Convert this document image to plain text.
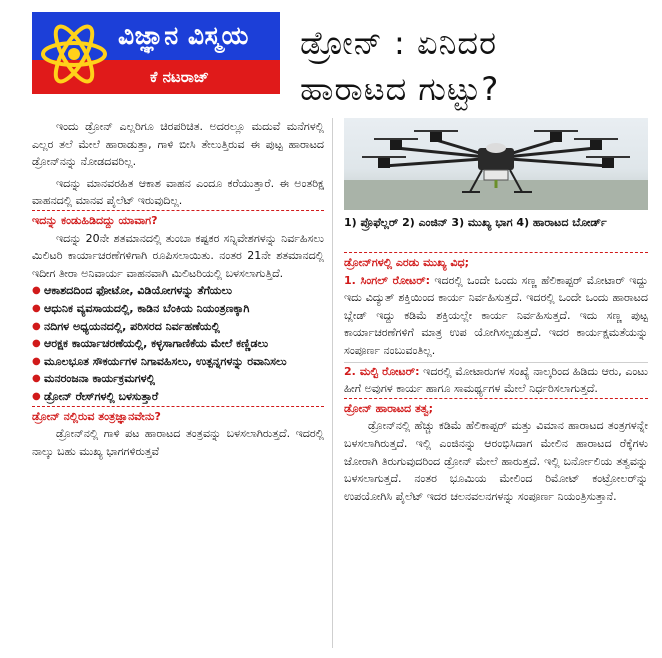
ವಿಜ್ಞಾನ ವಿಸ್ಮಯ
ಕೆ ನಟರಾಜ್
ಡ್ರೋನ್ : ಏನಿದರ
ಹಾರಾಟದ ಗುಟ್ಟು?

ಇಂದು ಡ್ರೋನ್ ಎಲ್ಲರಿಗೂ ಚಿರಪರಿಚಿತ. ಅದರಲ್ಲೂ ಮದುವೆ ಮನೆಗಳಲ್ಲಿ ಎಲ್ಲರ ತಲೆ ಮೇಲೆ ಹಾರಾಡುತ್ತಾ, ಗಾಳಿ ಬೀಸಿ ತೇಲುತ್ತಿರುವ ಈ ಪುಟ್ಟ ಹಾರಾಟದ ಡ್ರೋನ್‌ನನ್ನು ನೋಡದವರಿಲ್ಲ.

ಇದನ್ನು ಮಾನವರಹಿತ ಆಕಾಶ ವಾಹನ ಎಂದೂ ಕರೆಯುತ್ತಾರೆ. ಈ ಅಂತರಿಕ್ಷ ವಾಹನದಲ್ಲಿ ಮಾನವ ಪೈಲೆಟ್ ಇರುವುದಿಲ್ಲ.

ಇದನ್ನು ಕಂಡುಹಿಡಿದದ್ದು ಯಾವಾಗ?

ಇದನ್ನು 20ನೇ ಶತಮಾನದಲ್ಲಿ ತುಂಬಾ ಕಷ್ಟಕರ ಸನ್ನಿವೇಶಗಳನ್ನು ನಿರ್ವಹಿಸಲು ಮಿಲಿಟರಿ ಕಾರ್ಯಾಚರಣೆಗಳಿಗಾಗಿ ರೂಪಿಸಲಾಯಿತು. ನಂತರ 21ನೇ ಶತಮಾನದಲ್ಲಿ ಇದೀಗ ತೀರಾ ಅನಿವಾರ್ಯ ವಾಹನವಾಗಿ ಮಿಲಿಟರಿಯಲ್ಲಿ ಬಳಸಲಾಗುತ್ತಿದೆ.

● ಆಕಾಶದದಿಂದ ಫೋಟೋ, ವಿಡಿಯೋಗಳನ್ನು ತೆಗೆಯಲು
● ಆಧುನಿಕ ವ್ಯವಸಾಯದಲ್ಲಿ, ಕಾಡಿನ ಬೆಂಕಿಯ ನಿಯಂತ್ರಣಕ್ಕಾಗಿ
● ನದಿಗಳ ಅಧ್ಯಯನದಲ್ಲಿ, ಪರಿಸರದ ನಿರ್ವಹಣೆಯಲ್ಲಿ
● ಆರಕ್ಷಕ ಕಾರ್ಯಾಚರಣೆಯಲ್ಲಿ, ಕಳ್ಳಸಾಗಾಣಿಕೆಯ ಮೇಲೆ ಕಣ್ಣಿಡಲು
● ಮೂಲಭೂತ ಸೌಕರ್ಯಗಳ ನಿಗಾವಹಿಸಲು, ಉತ್ಪನ್ನಗಳನ್ನು ರವಾನಿಸಲು
● ಮನರಂಜನಾ ಕಾರ್ಯಕ್ರಮಗಳಲ್ಲಿ
● ಡ್ರೋನ್ ರೇಸ್‌ಗಳಲ್ಲಿ ಬಳಸುತ್ತಾರೆ

ಡ್ರೋನ್ ನಲ್ಲಿರುವ ತಂತ್ರಜ್ಞಾನವೇನು?

ಡ್ರೋನ್‌ನಲ್ಲಿ ಗಾಳಿ ಪಟ ಹಾರಾಟದ ತಂತ್ರವನ್ನು ಬಳಸಲಾಗಿರುತ್ತದೆ. ಇದರಲ್ಲಿ ನಾಲ್ಕು ಬಹು ಮುಖ್ಯ ಭಾಗಗಳಿರುತ್ತವೆ

1) ಪ್ರೊಫೆಲ್ಲರ್ 2) ಎಂಜಿನ್ 3) ಮುಖ್ಯ ಭಾಗ 4) ಹಾರಾಟದ ಬೋರ್ಡ್

ಡ್ರೋನ್‌ಗಳಲ್ಲಿ ಎರಡು ಮುಖ್ಯ ವಿಧ;

1. ಸಿಂಗಲ್ ರೋಟರ್: ಇದರಲ್ಲಿ ಒಂದೇ ಒಂದು ಸಣ್ಣ ಹೆಲಿಕಾಪ್ಟರ್ ಮೋಟಾರ್ ಇದ್ದು ಇದು ವಿದ್ಯುತ್ ಶಕ್ತಿಯಿಂದ ಕಾರ್ಯ ನಿರ್ವಹಿಸುತ್ತದೆ. ಇದರಲ್ಲಿ ಒಂದೇ ಒಂದು ಹಾರಾಟದ ಬ್ಲೇಡ್ ಇದ್ದು ಕಡಿಮೆ ಶಕ್ತಿಯಲ್ಲೇ ಕಾರ್ಯ ನಿರ್ವಹಿಸುತ್ತದೆ. ಇದು ಸಣ್ಣ ಪುಟ್ಟ ಕಾರ್ಯಾಚರಣೆಗಳಿಗೆ ಮಾತ್ರ ಉಪ ಯೋಗಿಸಲ್ಪಡುತ್ತದೆ. ಇದರ ಕಾರ್ಯಕ್ಷಮತೆಯನ್ನು ಸಂಪೂರ್ಣ ನಂಬುವಂತಿಲ್ಲ.

2. ಮಲ್ಟಿ ರೋಟರ್: ಇದರಲ್ಲಿ ಮೋಟಾರುಗಳ ಸಂಖ್ಯೆ ನಾಲ್ಕರಿಂದ ಹಿಡಿದು ಆರು, ಎಂಟು ಹೀಗೆ ಅವುಗಳ ಕಾರ್ಯ ಹಾಗೂ ಸಾಮರ್ಥ್ಯಗಳ ಮೇಲೆ ನಿರ್ಧರಿಸಲಾಗುತ್ತದೆ.

ಡ್ರೋನ್ ಹಾರಾಟದ ತತ್ವ;

ಡ್ರೋನ್‌ನಲ್ಲಿ ಹೆಚ್ಚು ಕಡಿಮೆ ಹೆಲಿಕಾಪ್ಟರ್ ಮತ್ತು ವಿಮಾನ ಹಾರಾಟದ ತಂತ್ರಗಳನ್ನೇ ಬಳಸಲಾಗಿರುತ್ತದೆ. ಇಲ್ಲಿ ಎಂಜಿನನ್ನು ಆರಂಭಿಸಿದಾಗ ಮೇಲಿನ ಹಾರಾಟದ ರೆಕ್ಕೆಗಳು ಜೋರಾಗಿ ತಿರುಗುವುದರಿಂದ ಡ್ರೋನ್ ಮೇಲೆ ಹಾರುತ್ತದೆ. ಇಲ್ಲಿ ಬರ್ನೋಲಿಯ ತತ್ವವನ್ನು ಬಳಸಲಾಗುತ್ತದೆ. ನಂತರ ಭೂಮಿಯ ಮೇಲಿಂದ ರಿಮೋಟ್ ಕಂಟ್ರೋಲರ್‌ನ್ನು ಉಪಯೋಗಿಸಿ ಪೈಲೆಟ್ ಇದರ ಚಲನವಲನಗಳನ್ನು ಸಂಪೂರ್ಣ ನಿಯಂತ್ರಿಸುತ್ತಾನೆ.
